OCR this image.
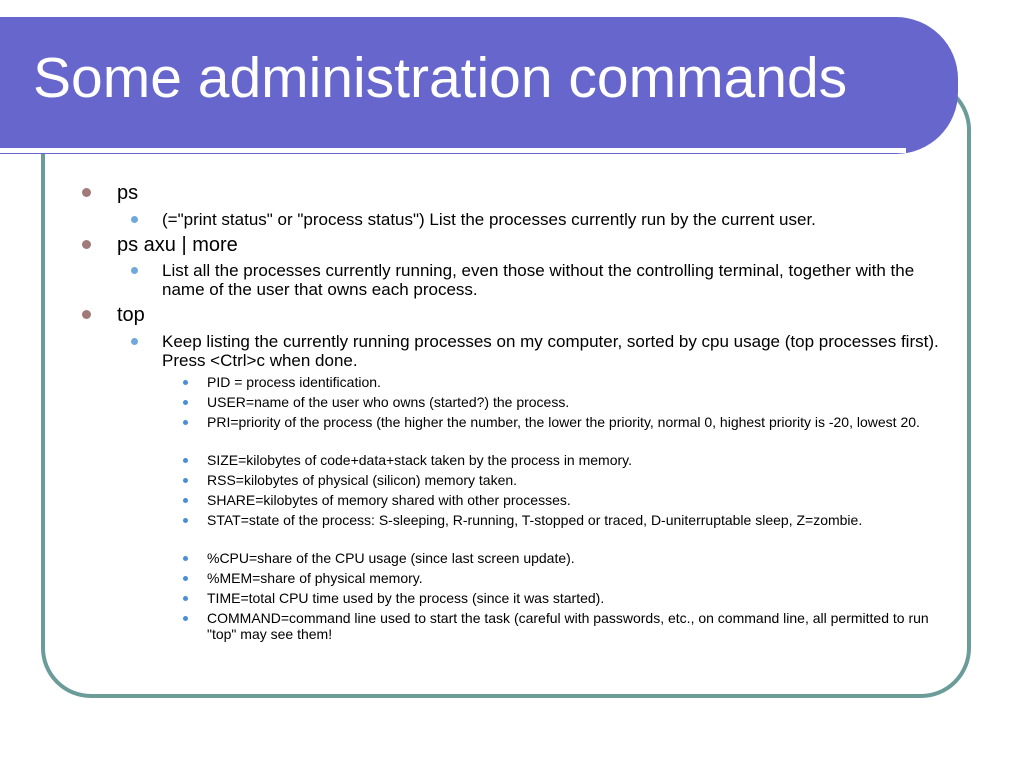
Some administration commands
ps
(="print status" or "process status") List the processes currently run by the current user.
ps axu | more
List all the processes currently running, even those without the controlling terminal, together with the name of the user that owns each process.
top
Keep listing the currently running processes on my computer, sorted by cpu usage (top processes first). Press <Ctrl>c when done.
PID = process identification.
USER=name of the user who owns (started?) the process.
PRI=priority of the process (the higher the number, the lower the priority, normal 0, highest priority is -20, lowest 20.
SIZE=kilobytes of code+data+stack taken by the process in memory.
RSS=kilobytes of physical (silicon) memory taken.
SHARE=kilobytes of memory shared with other processes.
STAT=state of the process: S-sleeping, R-running, T-stopped or traced, D-uniterruptable sleep, Z=zombie.
%CPU=share of the CPU usage (since last screen update).
%MEM=share of physical memory.
TIME=total CPU time used by the process (since it was started).
COMMAND=command line used to start the task (careful with passwords, etc., on command line, all permitted to run "top" may see them!
